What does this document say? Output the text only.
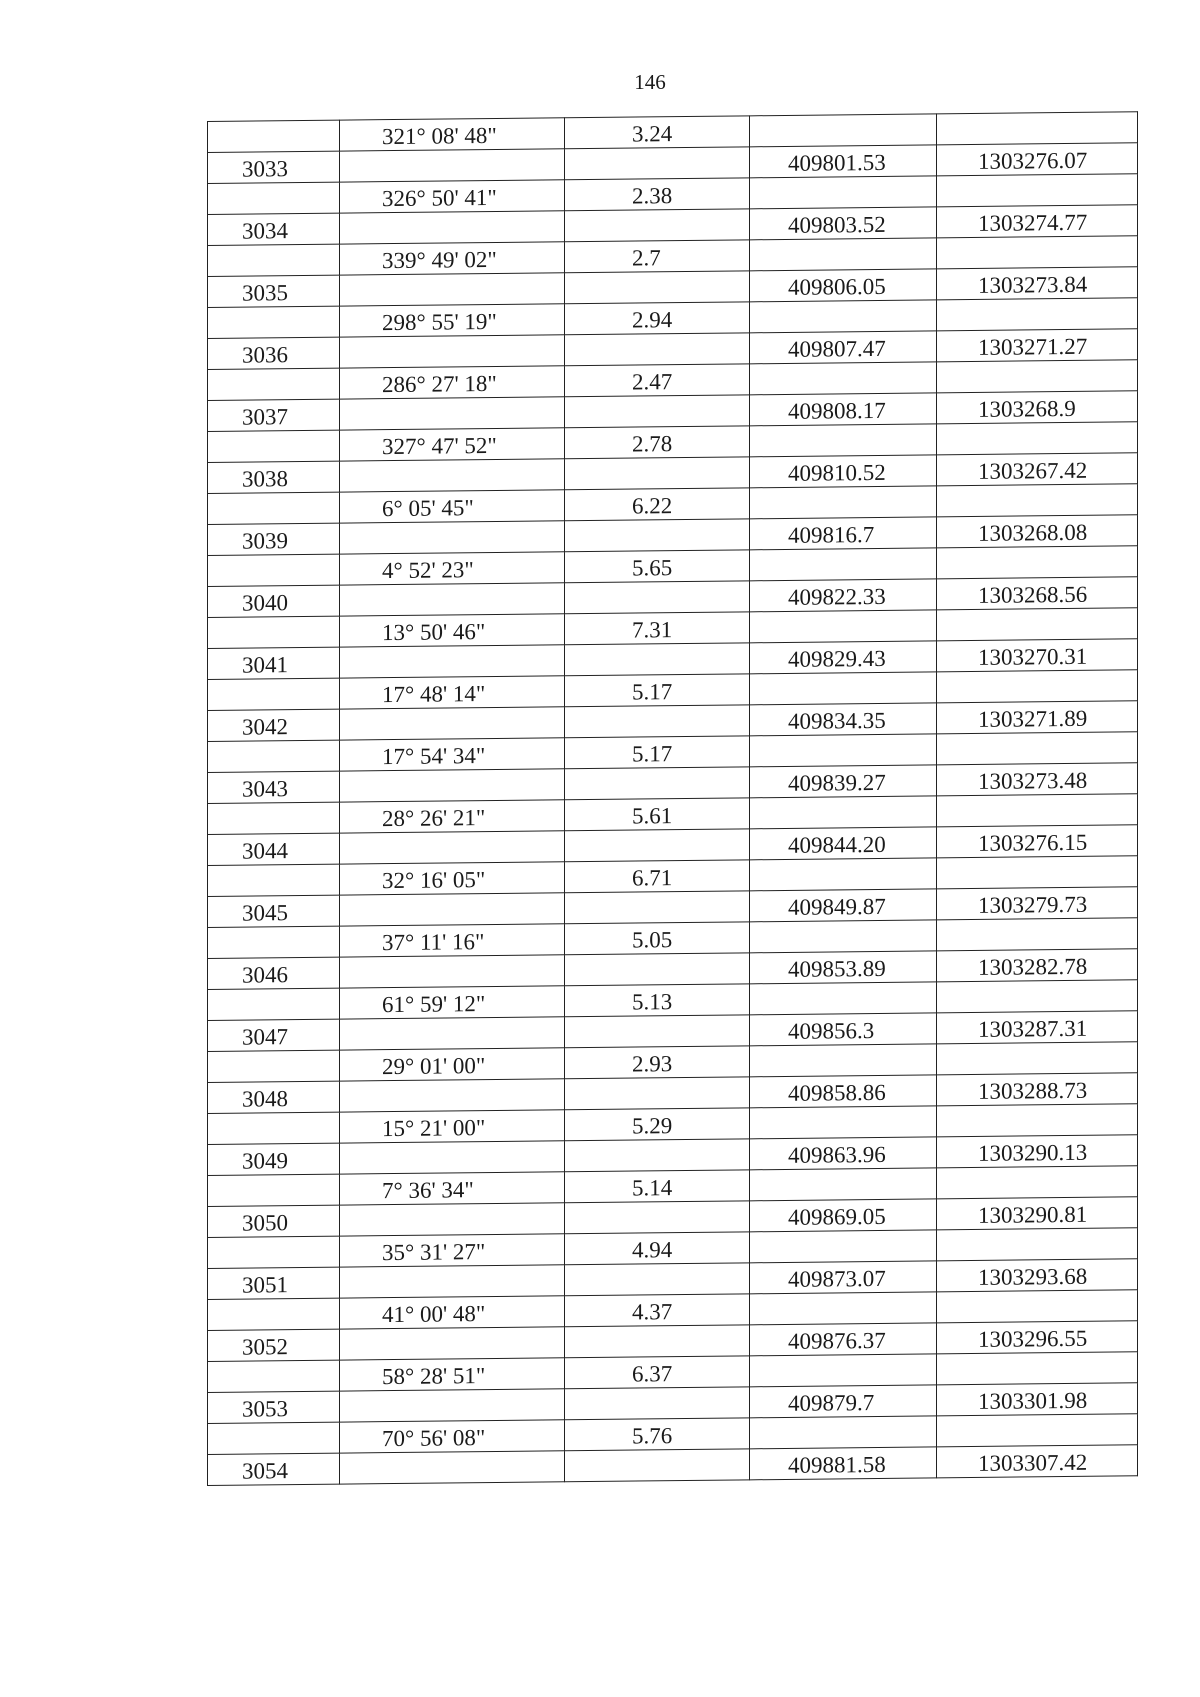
146
	321° 08' 48"	3.24		
3033			409801.53	1303276.07
	326° 50' 41"	2.38		
3034			409803.52	1303274.77
	339° 49' 02"	2.7		
3035			409806.05	1303273.84
	298° 55' 19"	2.94		
3036			409807.47	1303271.27
	286° 27' 18"	2.47		
3037			409808.17	1303268.9
	327° 47' 52"	2.78		
3038			409810.52	1303267.42
	6° 05' 45"	6.22		
3039			409816.7	1303268.08
	4° 52' 23"	5.65		
3040			409822.33	1303268.56
	13° 50' 46"	7.31		
3041			409829.43	1303270.31
	17° 48' 14"	5.17		
3042			409834.35	1303271.89
	17° 54' 34"	5.17		
3043			409839.27	1303273.48
	28° 26' 21"	5.61		
3044			409844.20	1303276.15
	32° 16' 05"	6.71		
3045			409849.87	1303279.73
	37° 11' 16"	5.05		
3046			409853.89	1303282.78
	61° 59' 12"	5.13		
3047			409856.3	1303287.31
	29° 01' 00"	2.93		
3048			409858.86	1303288.73
	15° 21' 00"	5.29		
3049			409863.96	1303290.13
	7° 36' 34"	5.14		
3050			409869.05	1303290.81
	35° 31' 27"	4.94		
3051			409873.07	1303293.68
	41° 00' 48"	4.37		
3052			409876.37	1303296.55
	58° 28' 51"	6.37		
3053			409879.7	1303301.98
	70° 56' 08"	5.76		
3054			409881.58	1303307.42
